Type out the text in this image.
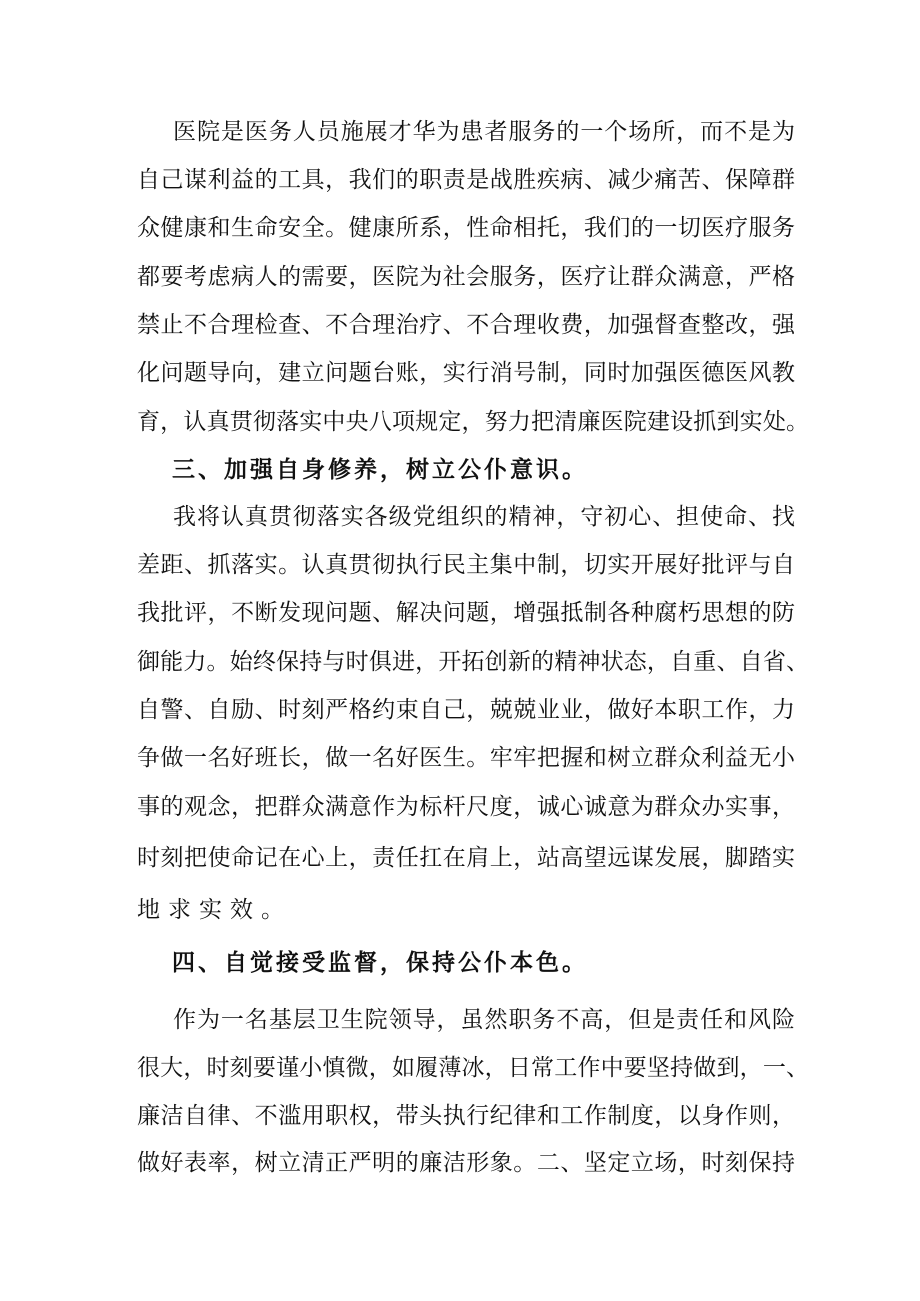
医院是医务人员施展才华为患者服务的一个场所，而不是为
自己谋利益的工具，我们的职责是战胜疾病、减少痛苦、保障群
众健康和生命安全。健康所系，性命相托，我们的一切医疗服务
都要考虑病人的需要，医院为社会服务，医疗让群众满意，严格
禁止不合理检查、不合理治疗、不合理收费，加强督查整改，强
化问题导向，建立问题台账，实行消号制，同时加强医德医风教
育，认真贯彻落实中央八项规定，努力把清廉医院建设抓到实处。
三、加强自身修养，树立公仆意识。
我将认真贯彻落实各级党组织的精神，守初心、担使命、找
差距、抓落实。认真贯彻执行民主集中制，切实开展好批评与自
我批评，不断发现问题、解决问题，增强抵制各种腐朽思想的防
御能力。始终保持与时俱进，开拓创新的精神状态，自重、自省、
自警、自励、时刻严格约束自己，兢兢业业，做好本职工作，力
争做一名好班长，做一名好医生。牢牢把握和树立群众利益无小
事的观念，把群众满意作为标杆尺度，诚心诚意为群众办实事，
时刻把使命记在心上，责任扛在肩上，站高望远谋发展，脚踏实
地求实效。
四、自觉接受监督，保持公仆本色。
作为一名基层卫生院领导，虽然职务不高，但是责任和风险
很大，时刻要谨小慎微，如履薄冰，日常工作中要坚持做到，一、
廉洁自律、不滥用职权，带头执行纪律和工作制度，以身作则，
做好表率，树立清正严明的廉洁形象。二、坚定立场，时刻保持
